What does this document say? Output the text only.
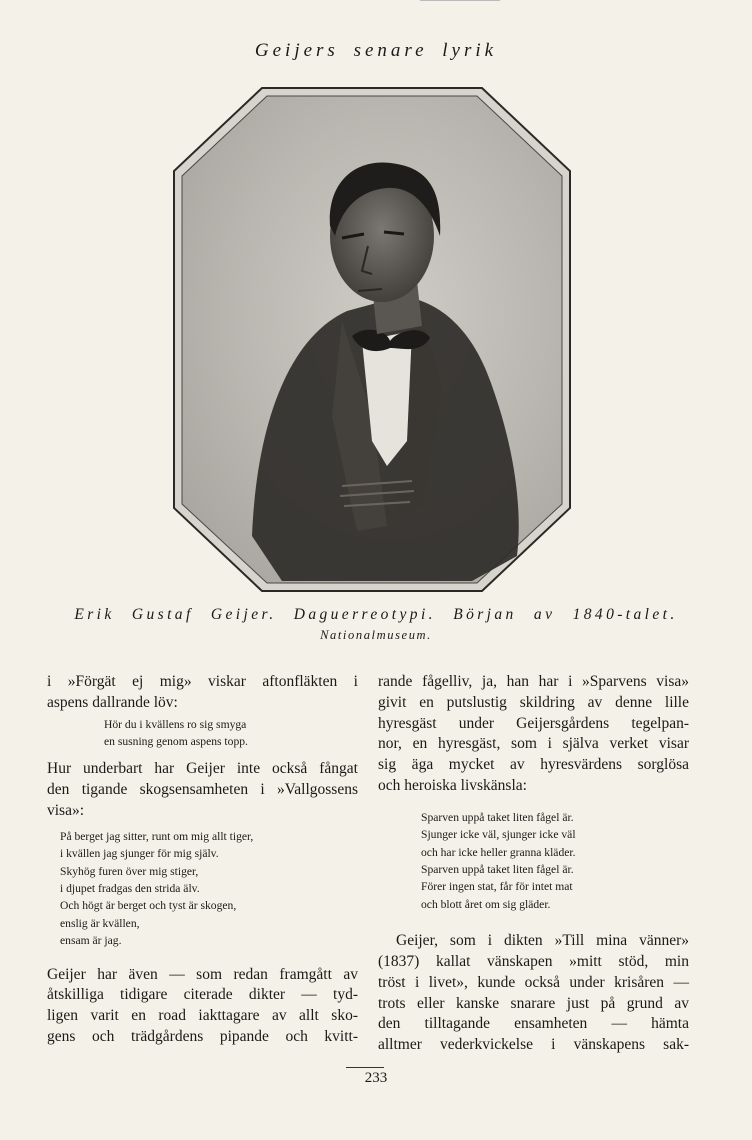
Geijers senare lyrik
Erik Gustaf Geijer. Daguerreotypi. Början av 1840-talet.
Nationalmuseum.
i »Förgät ej mig» viskar aftonfläkten i
aspens dallrande löv:
Hör du i kvällens ro sig smyga
en susning genom aspens topp.
Hur underbart har Geijer inte också fångat
den tigande skogsensamheten i »Vallgossens
visa»:
På berget jag sitter, runt om mig allt tiger,
i kvällen jag sjunger för mig själv.
Skyhög furen över mig stiger,
i djupet fradgas den strida älv.
Och högt är berget och tyst är skogen,
enslig är kvällen,
ensam är jag.
Geijer har även — som redan framgått av
åtskilliga tidigare citerade dikter — tyd-
ligen varit en road iakttagare av allt sko-
gens och trädgårdens pipande och kvitt-
rande fågelliv, ja, han har i »Sparvens visa»
givit en putslustig skildring av denne lille
hyresgäst under Geijersgårdens tegelpan-
nor, en hyresgäst, som i själva verket visar
sig äga mycket av hyresvärdens sorglösa
och heroiska livskänsla:
Sparven uppå taket liten fågel är.
Sjunger icke väl, sjunger icke väl
och har icke heller granna kläder.
Sparven uppå taket liten fågel är.
Förer ingen stat, får för intet mat
och blott året om sig gläder.
Geijer, som i dikten »Till mina vänner»
(1837) kallat vänskapen »mitt stöd, min
tröst i livet», kunde också under krisåren —
trots eller kanske snarare just på grund av
den tilltagande ensamheten — hämta
alltmer vederkvickelse i vänskapens sak-
233
